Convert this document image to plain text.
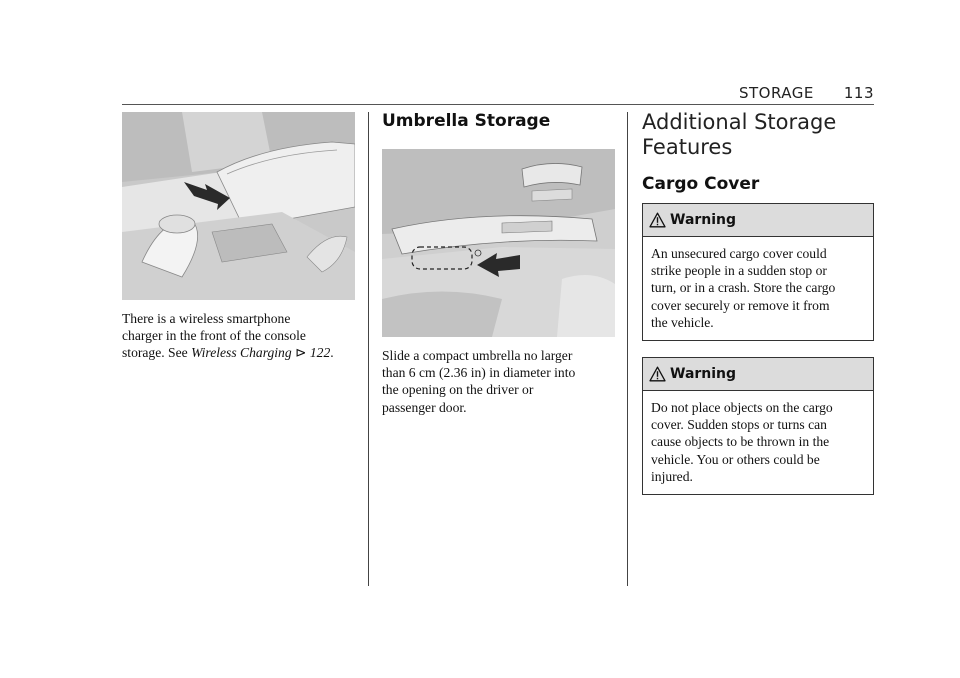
STORAGE 113
There is a wireless smartphone
charger in the front of the console
storage. See Wireless Charging ⊳ 122.
Umbrella Storage
Slide a compact umbrella no larger
than 6 cm (2.36 in) in diameter into
the opening on the driver or
passenger door.
Additional Storage
Features
Cargo Cover
Warning
An unsecured cargo cover could
strike people in a sudden stop or
turn, or in a crash. Store the cargo
cover securely or remove it from
the vehicle.
Warning
Do not place objects on the cargo
cover. Sudden stops or turns can
cause objects to be thrown in the
vehicle. You or others could be
injured.
